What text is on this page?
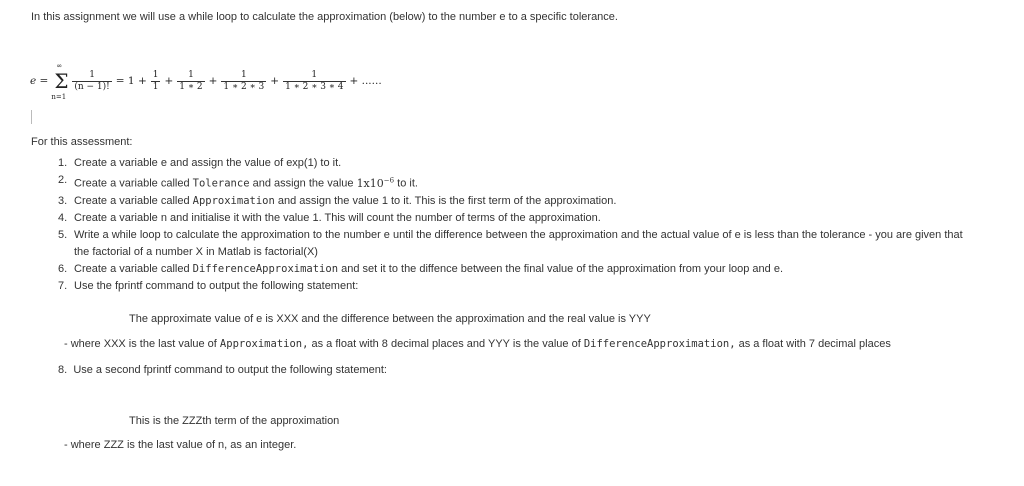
In this assignment we will use a while loop to calculate the approximation (below) to the number e to a specific tolerance.

e =
∞
Σ
n=1
$\frac{1}{(n - 1)!} = 1 + \frac{1}{1} + \frac{1}{1 ∗ 2} + \frac{1}{1 ∗ 2 ∗ 3} + \frac{1}{1 ∗ 2 ∗ 3 ∗ 4}$ + ......

For this assessment:

1. Create a variable e and assign the value of exp(1) to it.
2. Create a variable called Tolerance and assign the value $1x10^{-6}$ to it.
3. Create a variable called Approximation and assign the value 1 to it. This is the first term of the approximation.
4. Create a variable n and initialise it with the value 1. This will count the number of terms of the approximation.
5. Write a while loop to calculate the approximation to the number e until the difference between the approximation and the actual value of e is less than the tolerance - you are given that the factorial of a number X in Matlab is factorial(X)
6. Create a variable called DifferenceApproximation and set it to the diffence between the final value of the approximation from your loop and e.
7. Use the fprintf command to output the following statement:

The approximate value of e is XXX and the difference between the approximation and the real value is YYY

- where XXX is the last value of Approximation, as a float with 8 decimal places and YYY is the value of DifferenceApproximation, as a float with 7 decimal places

8. Use a second fprintf command to output the following statement:

This is the ZZZth term of the approximation

- where ZZZ is the last value of n, as an integer.
